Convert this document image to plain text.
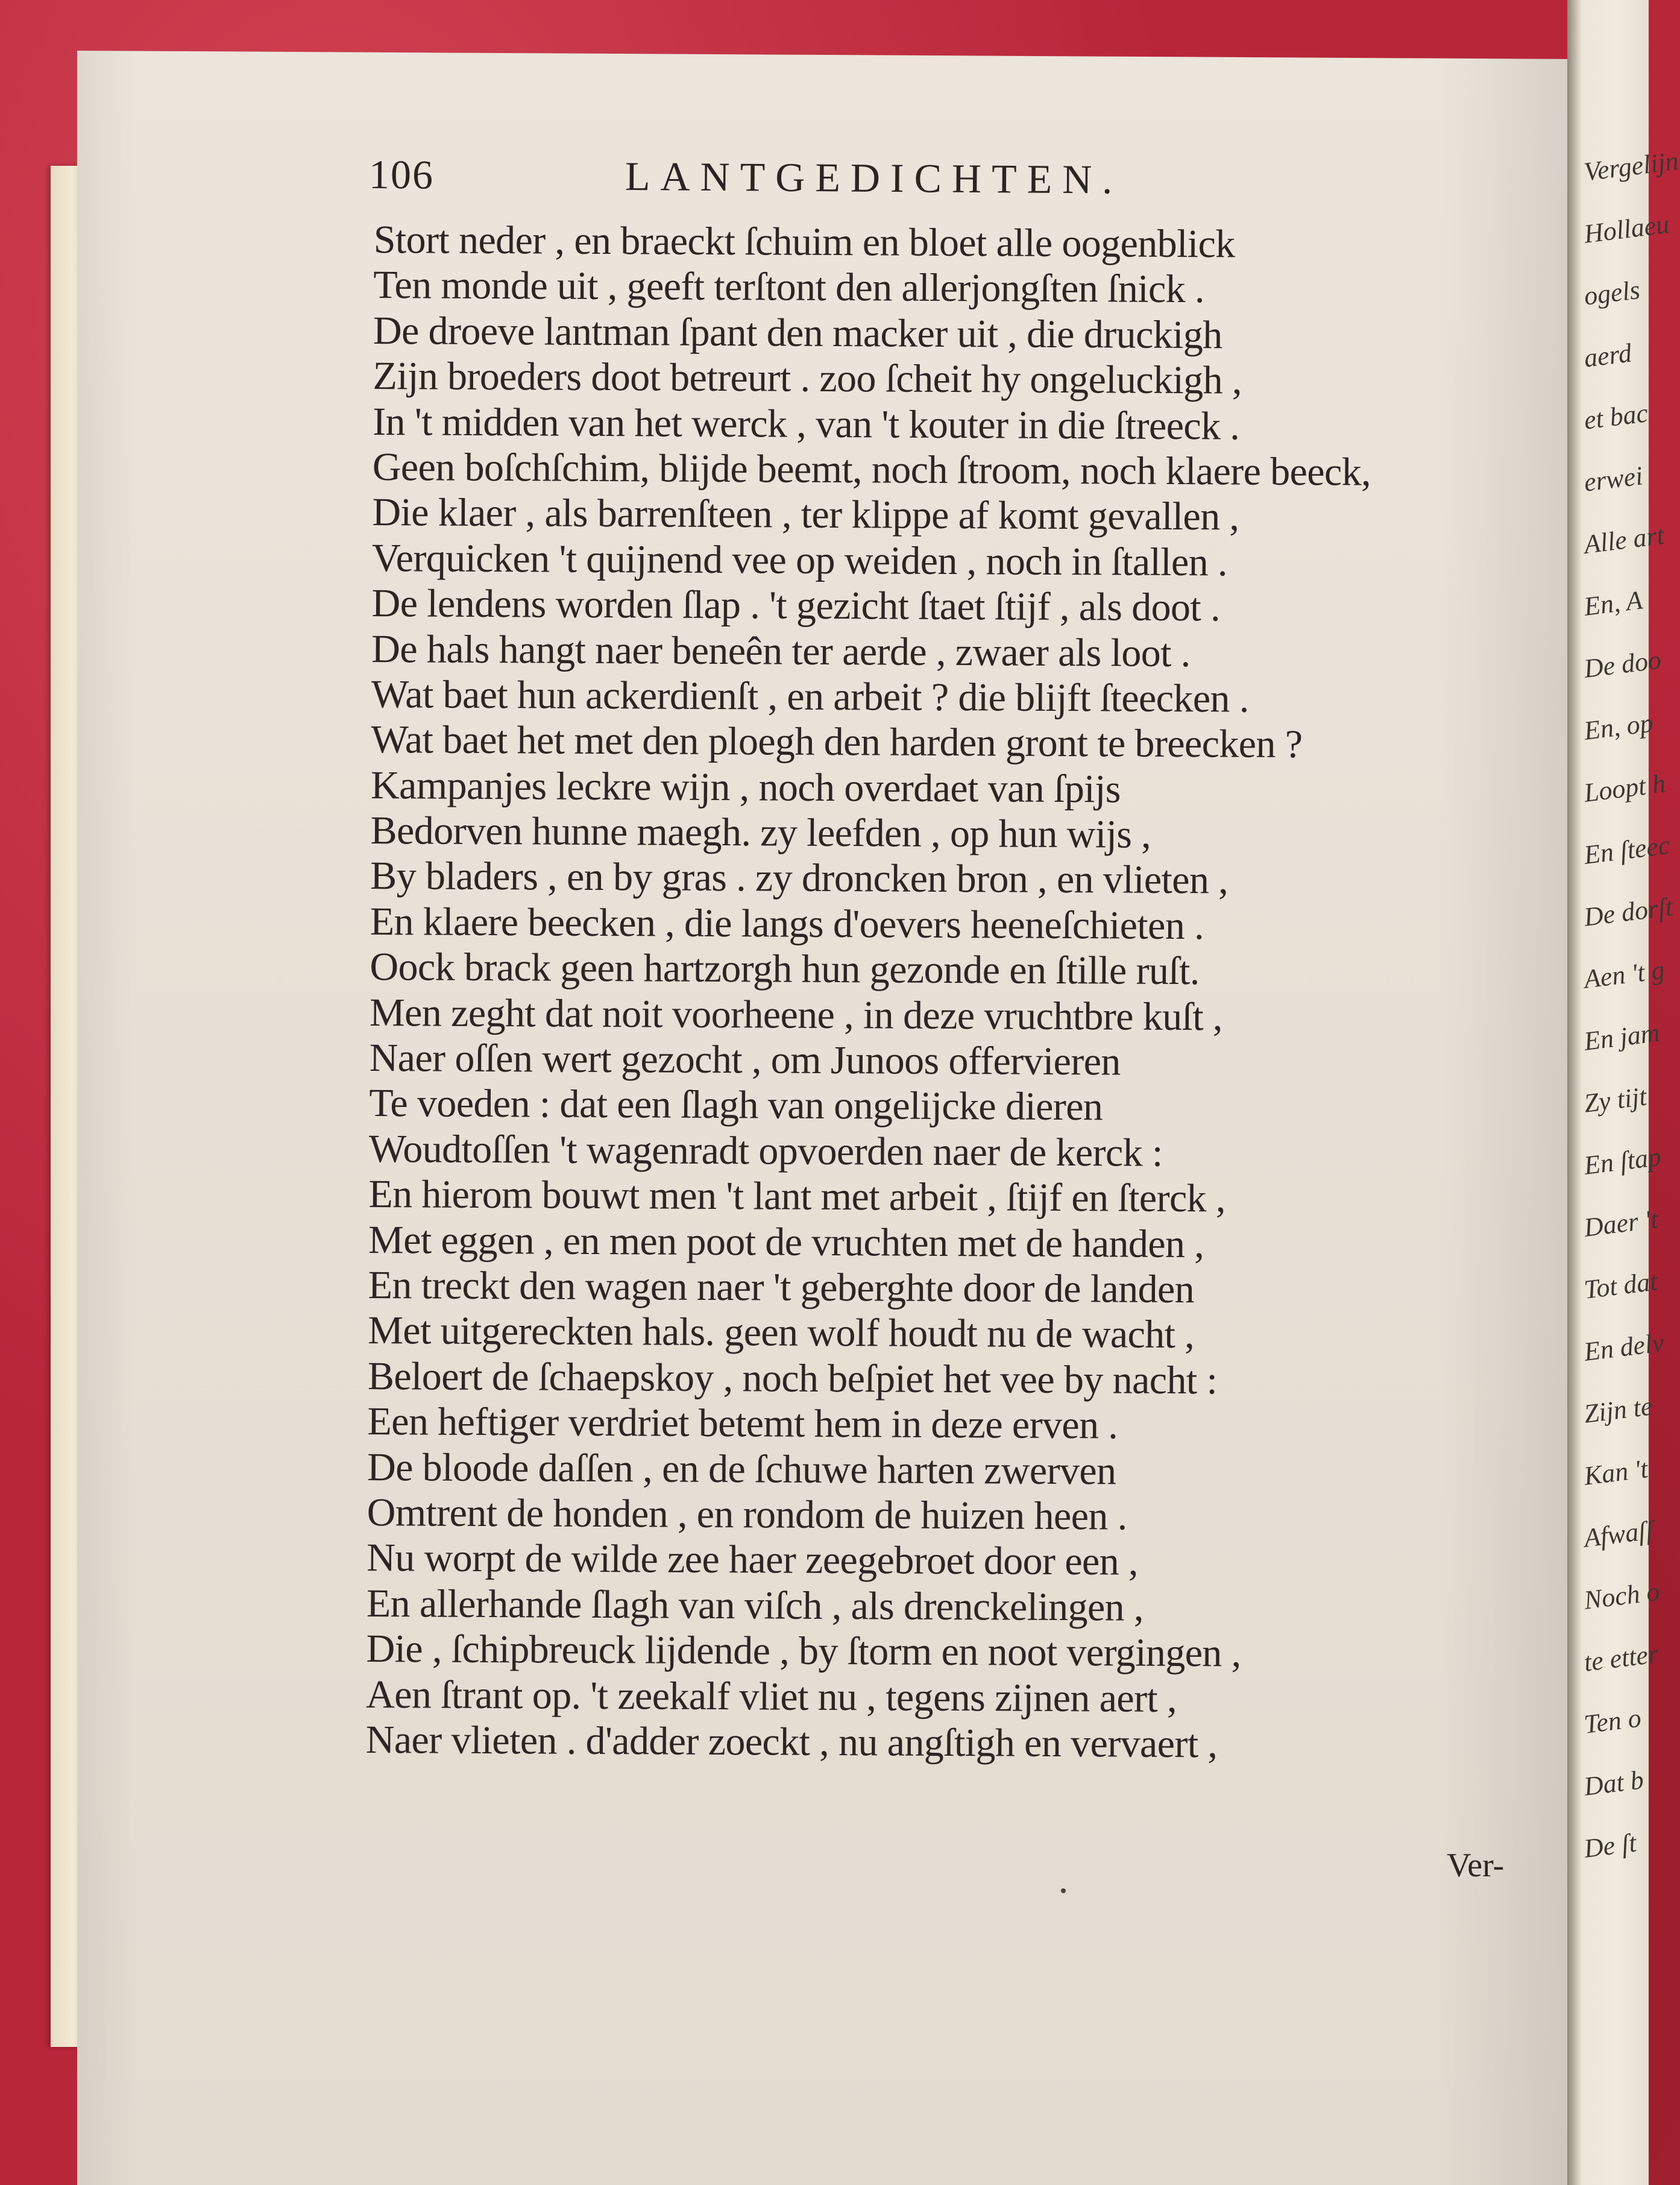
Vergelijn
Hollaeu
ogels
aerd
et bac
erwei
Alle art
En, A
De doo
En, op
Loopt h
En ſteec
De dorſt
Aen 't g
En jam
Zy tijt
En ſtap
Daer 't
Tot dat
En delv
Zijn te
Kan 't
Afwaſſ
Noch o
te etter
Ten o
Dat b
De ſt
106	LANTGEDICHTEN.
Stort neder , en braeckt ſchuim en bloet alle oogenblick
Ten monde uit , geeft terſtont den allerjongſten ſnick .
De droeve lantman ſpant den macker uit , die druckigh
Zijn broeders doot betreurt . zoo ſcheit hy ongeluckigh ,
In 't midden van het werck , van 't kouter in die ſtreeck .
Geen boſchſchim, blijde beemt, noch ſtroom, noch klaere beeck,
Die klaer , als barrenſteen , ter klippe af komt gevallen ,
Verquicken 't quijnend vee op weiden , noch in ſtallen .
De lendens worden ſlap . 't gezicht ſtaet ſtijf , als doot .
De hals hangt naer beneên ter aerde , zwaer als loot .
Wat baet hun ackerdienſt , en arbeit ? die blijft ſteecken .
Wat baet het met den ploegh den harden gront te breecken ?
Kampanjes leckre wijn , noch overdaet van ſpijs
Bedorven hunne maegh. zy leefden , op hun wijs ,
By bladers , en by gras . zy droncken bron , en vlieten ,
En klaere beecken , die langs d'oevers heeneſchieten .
Oock brack geen hartzorgh hun gezonde en ſtille ruſt.
Men zeght dat noit voorheene , in deze vruchtbre kuſt ,
Naer oſſen wert gezocht , om Junoos offervieren
Te voeden : dat een ſlagh van ongelijcke dieren
Woudtoſſen 't wagenradt opvoerden naer de kerck :
En hierom bouwt men 't lant met arbeit , ſtijf en ſterck ,
Met eggen , en men poot de vruchten met de handen ,
En treckt den wagen naer 't geberghte door de landen
Met uitgereckten hals. geen wolf houdt nu de wacht ,
Beloert de ſchaepskoy , noch beſpiet het vee by nacht :
Een heftiger verdriet betemt hem in deze erven .
De bloode daſſen , en de ſchuwe harten zwerven
Omtrent de honden , en rondom de huizen heen .
Nu worpt de wilde zee haer zeegebroet door een ,
En allerhande ſlagh van viſch , als drenckelingen ,
Die , ſchipbreuck lijdende , by ſtorm en noot vergingen ,
Aen ſtrant op. 't zeekalf vliet nu , tegens zijnen aert ,
Naer vlieten . d'adder zoeckt , nu angſtigh en vervaert ,
Ver-
